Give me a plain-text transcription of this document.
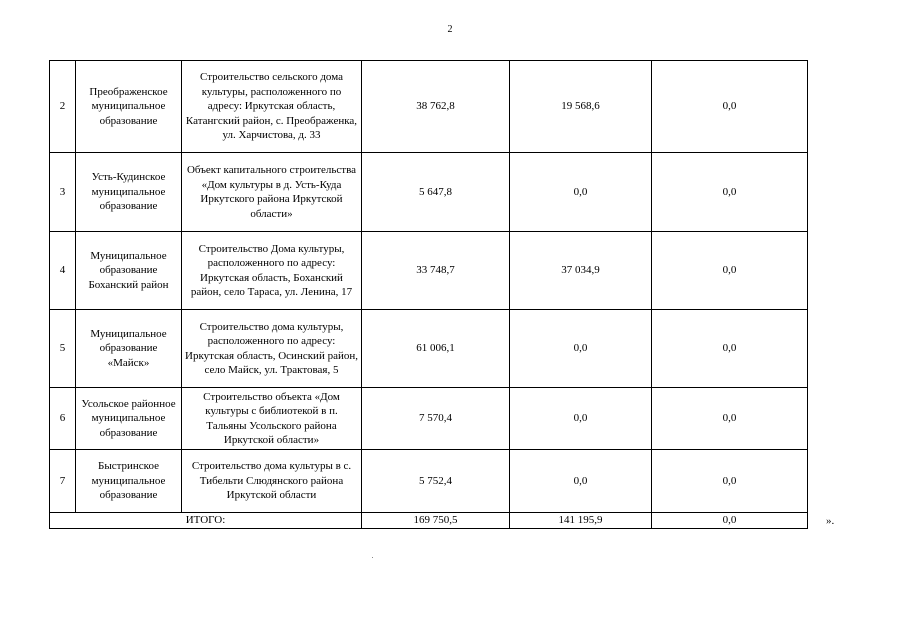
2
2	Преображенское муниципальное образование	Строительство сельского дома культуры, расположенного по адресу: Иркутская область, Катангский район, с. Преображенка, ул. Харчистова, д. 33	38 762,8	19 568,6	0,0
3	Усть-Кудинское муниципальное образование	Объект капитального строительства «Дом культуры в д. Усть-Куда Иркутского района Иркутской области»	5 647,8	0,0	0,0
4	Муниципальное образование Боханский район	Строительство Дома культуры, расположенного по адресу: Иркутская область, Боханский район, село Тараса, ул. Ленина, 17	33 748,7	37 034,9	0,0
5	Муниципальное образование «Майск»	Строительство дома культуры, расположенного по адресу: Иркутская область, Осинский район, село Майск, ул. Трактовая, 5	61 006,1	0,0	0,0
6	Усольское районное муниципальное образование	Строительство объекта «Дом культуры с библиотекой в п. Тальяны Усольского района Иркутской области»	7 570,4	0,0	0,0
7	Быстринское муниципальное образование	Строительство дома культуры в с. Тибельти Слюдянского района Иркутской области	5 752,4	0,0	0,0
ИТОГО:			169 750,5	141 195,9	0,0	».
